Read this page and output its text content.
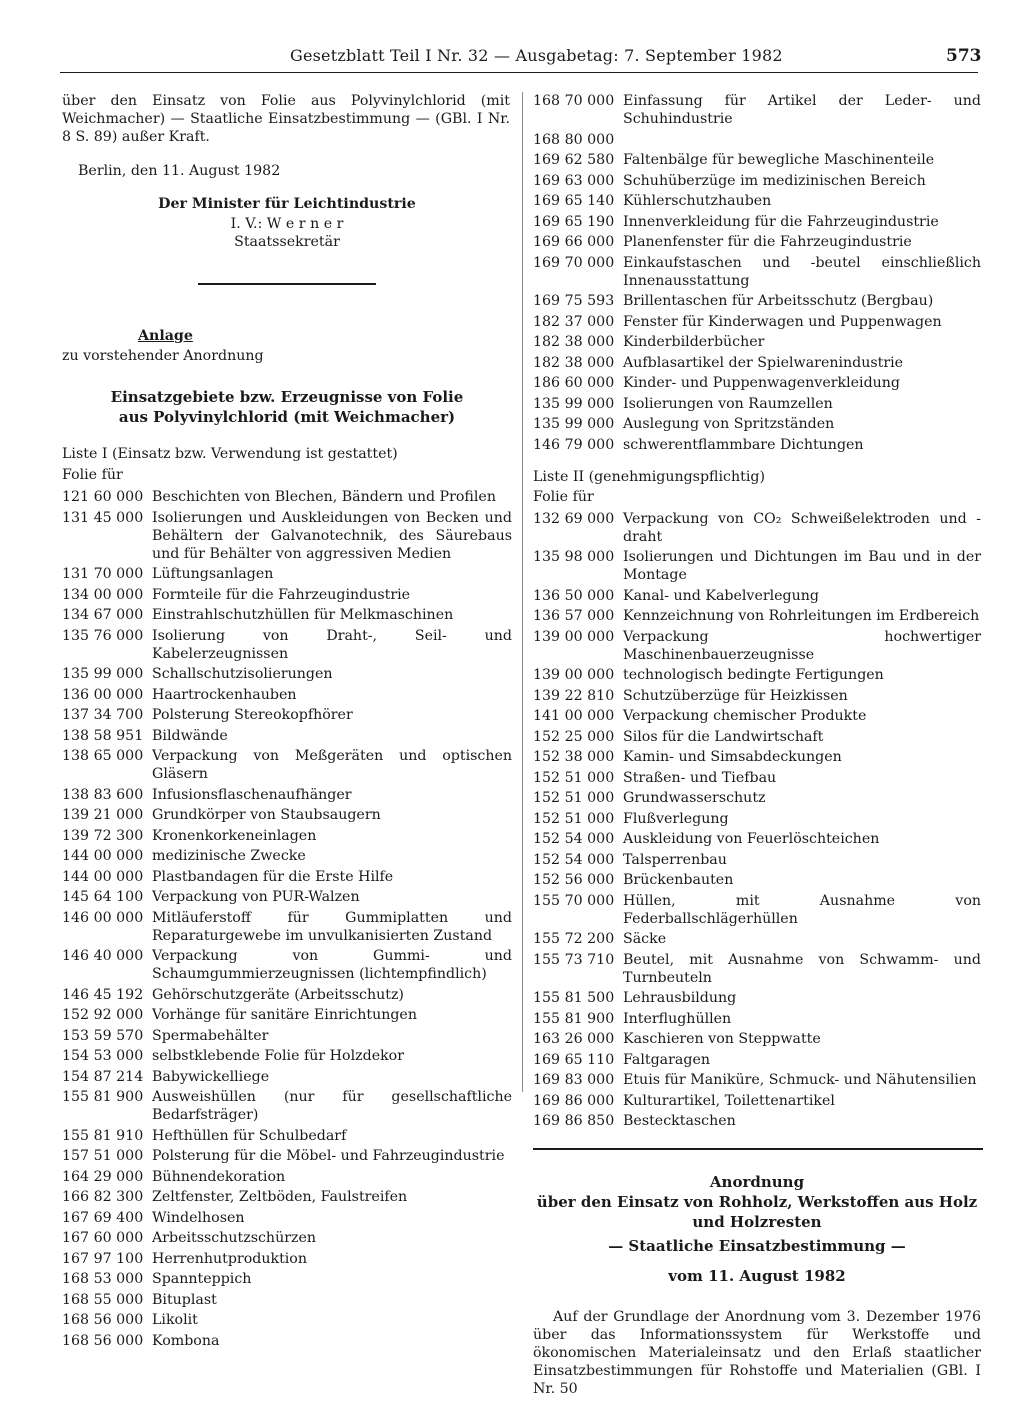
Gesetzblatt Teil I Nr. 32 — Ausgabetag: 7. September 1982	573

über den Einsatz von Folie aus Polyvinylchlorid (mit Weichmacher) — Staatliche Einsatzbestimmung — (GBl. I Nr. 8 S. 89) außer Kraft.

Berlin, den 11. August 1982

Der Minister für Leichtindustrie

I. V.: W e r n e r

Staatssekretär

Anlage

zu vorstehender Anordnung

Einsatzgebiete bzw. Erzeugnisse von Folie

aus Polyvinylchlorid (mit Weichmacher)

Liste I (Einsatz bzw. Verwendung ist gestattet)

Folie für

121 60 000 Beschichten von Blechen, Bändern und Profilen
131 45 000 Isolierungen und Auskleidungen von Becken und Behältern der Galvanotechnik, des Säurebaus und für Behälter von aggressiven Medien
131 70 000 Lüftungsanlagen
134 00 000 Formteile für die Fahrzeugindustrie
134 67 000 Einstrahlschutzhüllen für Melkmaschinen
135 76 000 Isolierung von Draht-, Seil- und Kabelerzeugnissen
135 99 000 Schallschutzisolierungen
136 00 000 Haartrockenhauben
137 34 700 Polsterung Stereokopfhörer
138 58 951 Bildwände
138 65 000 Verpackung von Meßgeräten und optischen Gläsern
138 83 600 Infusionsflaschenaufhänger
139 21 000 Grundkörper von Staubsaugern
139 72 300 Kronenkorkeneinlagen
144 00 000 medizinische Zwecke
144 00 000 Plastbandagen für die Erste Hilfe
145 64 100 Verpackung von PUR-Walzen
146 00 000 Mitläuferstoff für Gummiplatten und Reparaturgewebe im unvulkanisierten Zustand
146 40 000 Verpackung von Gummi- und Schaumgummierzeugnissen (lichtempfindlich)
146 45 192 Gehörschutzgeräte (Arbeitsschutz)
152 92 000 Vorhänge für sanitäre Einrichtungen
153 59 570 Spermabehälter
154 53 000 selbstklebende Folie für Holzdekor
154 87 214 Babywickelliege
155 81 900 Ausweishüllen (nur für gesellschaftliche Bedarfsträger)
155 81 910 Hefthüllen für Schulbedarf
157 51 000 Polsterung für die Möbel- und Fahrzeugindustrie
164 29 000 Bühnendekoration
166 82 300 Zeltfenster, Zeltböden, Faulstreifen
167 69 400 Windelhosen
167 60 000 Arbeitsschutzschürzen
167 97 100 Herrenhutproduktion
168 53 000 Spannteppich
168 55 000 Bituplast
168 56 000 Likolit
168 56 000 Kombona
168 70 000 Einfassung für Artikel der Leder- und Schuhindustrie
168 80 000
169 62 580 Faltenbälge für bewegliche Maschinenteile
169 63 000 Schuhüberzüge im medizinischen Bereich
169 65 140 Kühlerschutzhauben
169 65 190 Innenverkleidung für die Fahrzeugindustrie
169 66 000 Planenfenster für die Fahrzeugindustrie
169 70 000 Einkaufstaschen und -beutel einschließlich Innenausstattung
169 75 593 Brillentaschen für Arbeitsschutz (Bergbau)
182 37 000 Fenster für Kinderwagen und Puppenwagen
182 38 000 Kinderbilderbücher
182 38 000 Aufblasartikel der Spielwarenindustrie
186 60 000 Kinder- und Puppenwagenverkleidung
135 99 000 Isolierungen von Raumzellen
135 99 000 Auslegung von Spritzständen
146 79 000 schwerentflammbare Dichtungen

Liste II (genehmigungspflichtig)

Folie für

132 69 000 Verpackung von CO₂ Schweißelektroden und -draht
135 98 000 Isolierungen und Dichtungen im Bau und in der Montage
136 50 000 Kanal- und Kabelverlegung
136 57 000 Kennzeichnung von Rohrleitungen im Erdbereich
139 00 000 Verpackung hochwertiger Maschinenbauerzeugnisse
139 00 000 technologisch bedingte Fertigungen
139 22 810 Schutzüberzüge für Heizkissen
141 00 000 Verpackung chemischer Produkte
152 25 000 Silos für die Landwirtschaft
152 38 000 Kamin- und Simsabdeckungen
152 51 000 Straßen- und Tiefbau
152 51 000 Grundwasserschutz
152 51 000 Flußverlegung
152 54 000 Auskleidung von Feuerlöschteichen
152 54 000 Talsperrenbau
152 56 000 Brückenbauten
155 70 000 Hüllen, mit Ausnahme von Federballschlägerhüllen
155 72 200 Säcke
155 73 710 Beutel, mit Ausnahme von Schwamm- und Turnbeuteln
155 81 500 Lehrausbildung
155 81 900 Interflughüllen
163 26 000 Kaschieren von Steppwatte
169 65 110 Faltgaragen
169 83 000 Etuis für Maniküre, Schmuck- und Nähutensilien
169 86 000 Kulturartikel, Toilettenartikel
169 86 850 Bestecktaschen

Anordnung

über den Einsatz von Rohholz, Werkstoffen aus Holz

und Holzresten

— Staatliche Einsatzbestimmung —

vom 11. August 1982

Auf der Grundlage der Anordnung vom 3. Dezember 1976 über das Informationssystem für Werkstoffe und ökonomischen Materialeinsatz und den Erlaß staatlicher Einsatzbestimmungen für Rohstoffe und Materialien (GBl. I Nr. 50
